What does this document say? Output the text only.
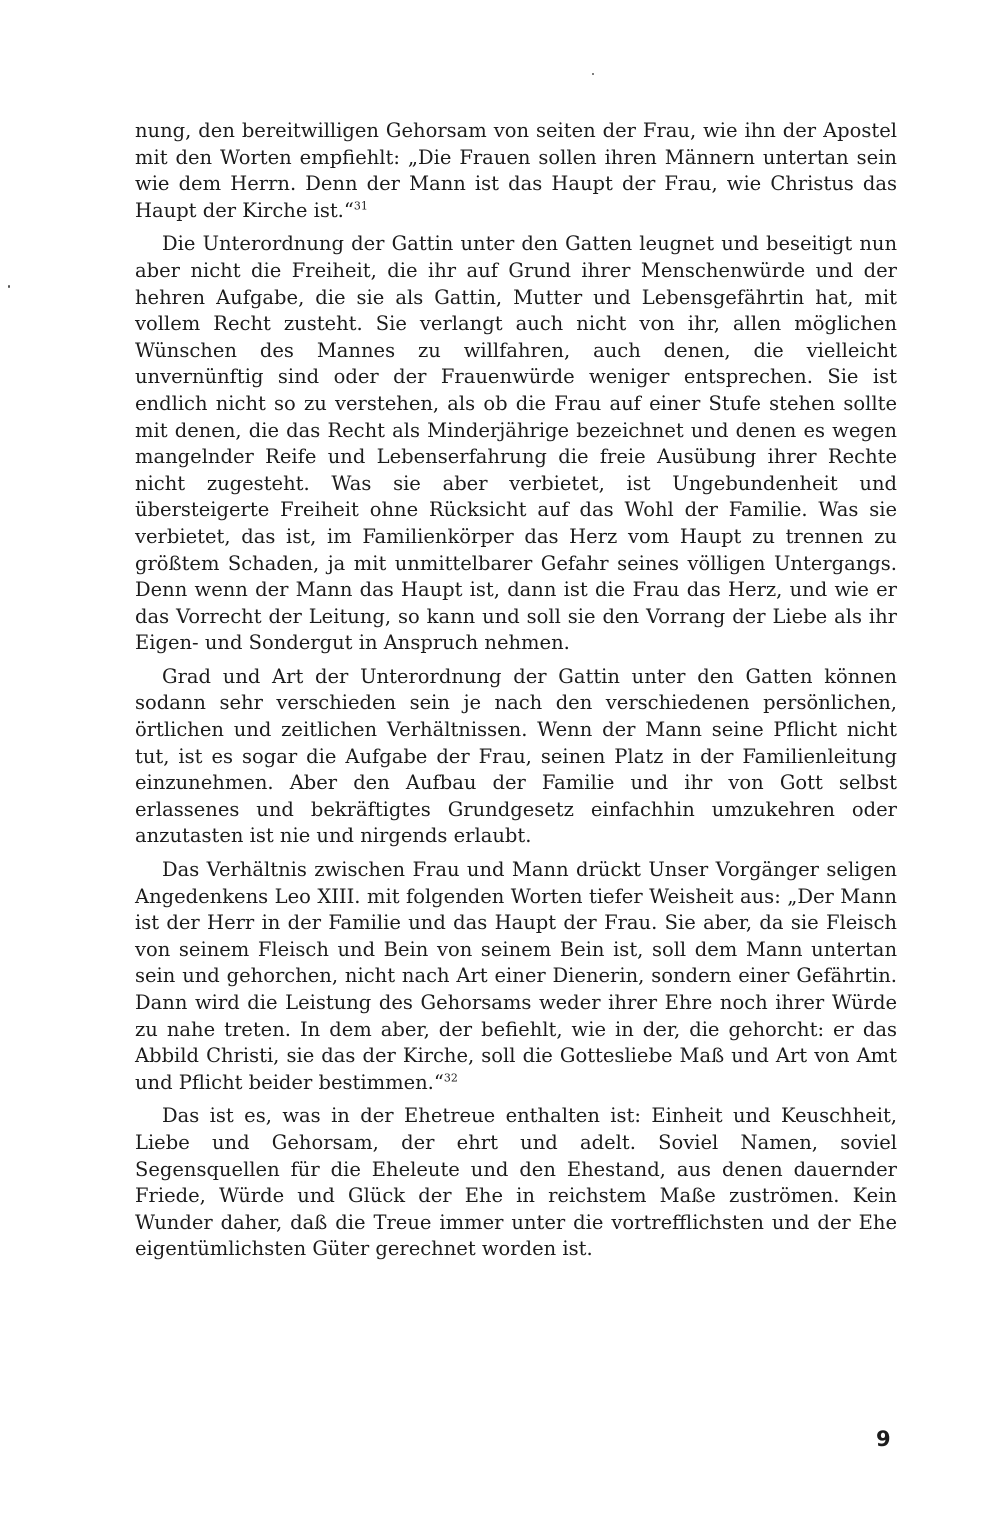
nung, den bereitwilligen Gehorsam von seiten der Frau, wie ihn der Apostel mit den Worten empfiehlt: „Die Frauen sollen ihren Männern untertan sein wie dem Herrn. Denn der Mann ist das Haupt der Frau, wie Christus das Haupt der Kirche ist.“$^{31}$

Die Unterordnung der Gattin unter den Gatten leugnet und beseitigt nun aber nicht die Freiheit, die ihr auf Grund ihrer Menschenwürde und der hehren Aufgabe, die sie als Gattin, Mutter und Lebensgefährtin hat, mit vollem Recht zusteht. Sie verlangt auch nicht von ihr, allen möglichen Wünschen des Mannes zu willfahren, auch denen, die vielleicht unvernünftig sind oder der Frauenwürde weniger entsprechen. Sie ist endlich nicht so zu verstehen, als ob die Frau auf einer Stufe stehen sollte mit denen, die das Recht als Minderjährige bezeichnet und denen es wegen mangelnder Reife und Lebenserfahrung die freie Ausübung ihrer Rechte nicht zugesteht. Was sie aber verbietet, ist Ungebundenheit und übersteigerte Freiheit ohne Rücksicht auf das Wohl der Familie. Was sie verbietet, das ist, im Familienkörper das Herz vom Haupt zu trennen zu größtem Schaden, ja mit unmittelbarer Gefahr seines völligen Untergangs. Denn wenn der Mann das Haupt ist, dann ist die Frau das Herz, und wie er das Vorrecht der Leitung, so kann und soll sie den Vorrang der Liebe als ihr Eigen- und Sondergut in Anspruch nehmen.

Grad und Art der Unterordnung der Gattin unter den Gatten können sodann sehr verschieden sein je nach den verschiedenen persönlichen, örtlichen und zeitlichen Verhältnissen. Wenn der Mann seine Pflicht nicht tut, ist es sogar die Aufgabe der Frau, seinen Platz in der Familienleitung einzunehmen. Aber den Aufbau der Familie und ihr von Gott selbst erlassenes und bekräftigtes Grundgesetz einfachhin umzukehren oder anzutasten ist nie und nirgends erlaubt.

Das Verhältnis zwischen Frau und Mann drückt Unser Vorgänger seligen Angedenkens Leo XIII. mit folgenden Worten tiefer Weisheit aus: „Der Mann ist der Herr in der Familie und das Haupt der Frau. Sie aber, da sie Fleisch von seinem Fleisch und Bein von seinem Bein ist, soll dem Mann untertan sein und gehorchen, nicht nach Art einer Dienerin, sondern einer Gefährtin. Dann wird die Leistung des Gehorsams weder ihrer Ehre noch ihrer Würde zu nahe treten. In dem aber, der befiehlt, wie in der, die gehorcht: er das Abbild Christi, sie das der Kirche, soll die Gottesliebe Maß und Art von Amt und Pflicht beider bestimmen.“$^{32}$

Das ist es, was in der Ehetreue enthalten ist: Einheit und Keuschheit, Liebe und Gehorsam, der ehrt und adelt. Soviel Namen, soviel Segensquellen für die Eheleute und den Ehestand, aus denen dauernder Friede, Würde und Glück der Ehe in reichstem Maße zuströmen. Kein Wunder daher, daß die Treue immer unter die vortrefflichsten und der Ehe eigentümlichsten Güter gerechnet worden ist.

9
